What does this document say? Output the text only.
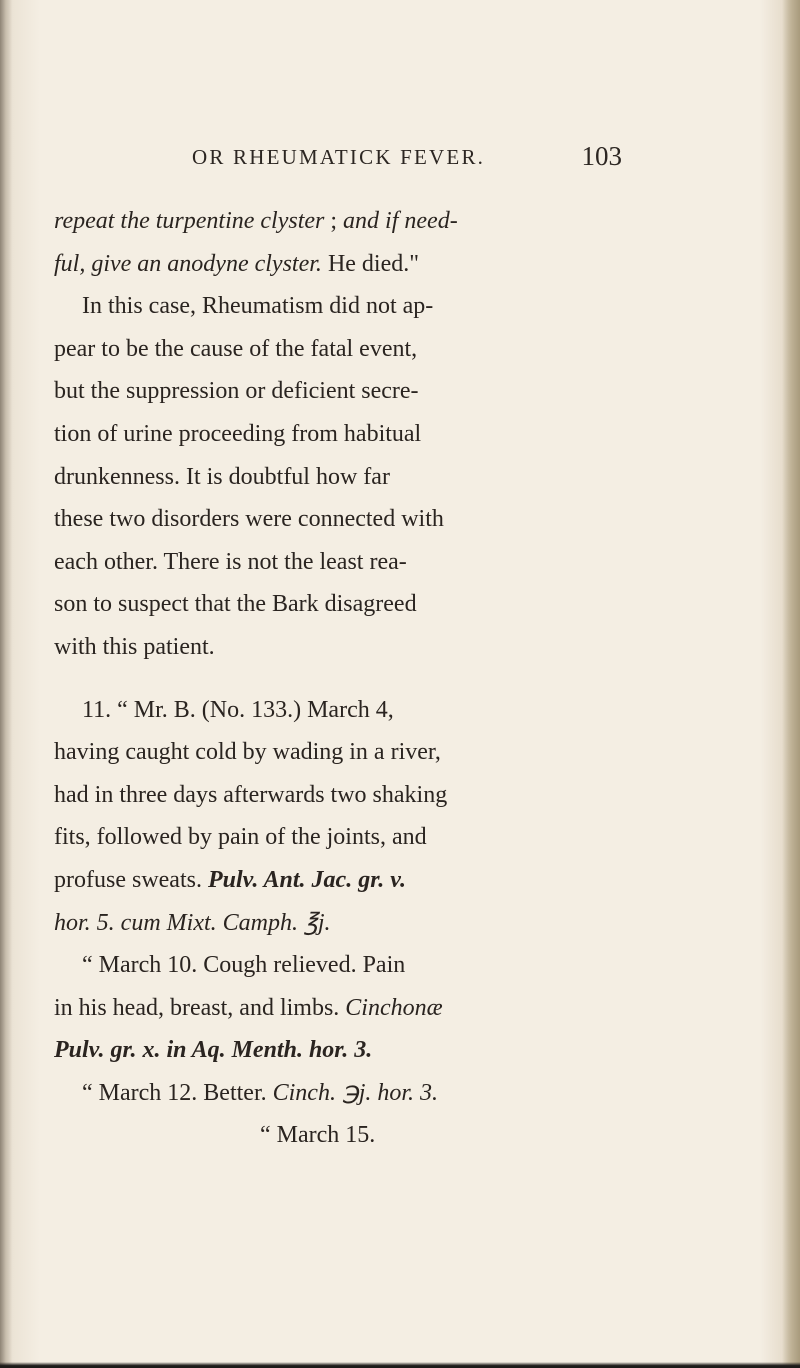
OR RHEUMATICK FEVER.	103
repeat the turpentine clyster ; and if need-
ful, give an anodyne clyster. He died."
In this case, Rheumatism did not ap-
pear to be the cause of the fatal event,
but the suppression or deficient secre-
tion of urine proceeding from habitual
drunkenness. It is doubtful how far
these two disorders were connected with
each other. There is not the least rea-
son to suspect that the Bark disagreed
with this patient.
11. “ Mr. B. (No. 133.) March 4,
having caught cold by wading in a river,
had in three days afterwards two shaking
fits, followed by pain of the joints, and
profuse sweats. Pulv. Ant. Jac. gr. v.
hor. 5. cum Mixt. Camph. ℥j.
“ March 10. Cough relieved. Pain
in his head, breast, and limbs. Cinchonæ
Pulv. gr. x. in Aq. Menth. hor. 3.
“ March 12. Better. Cinch. ℈j. hor. 3.
“ March 15.
